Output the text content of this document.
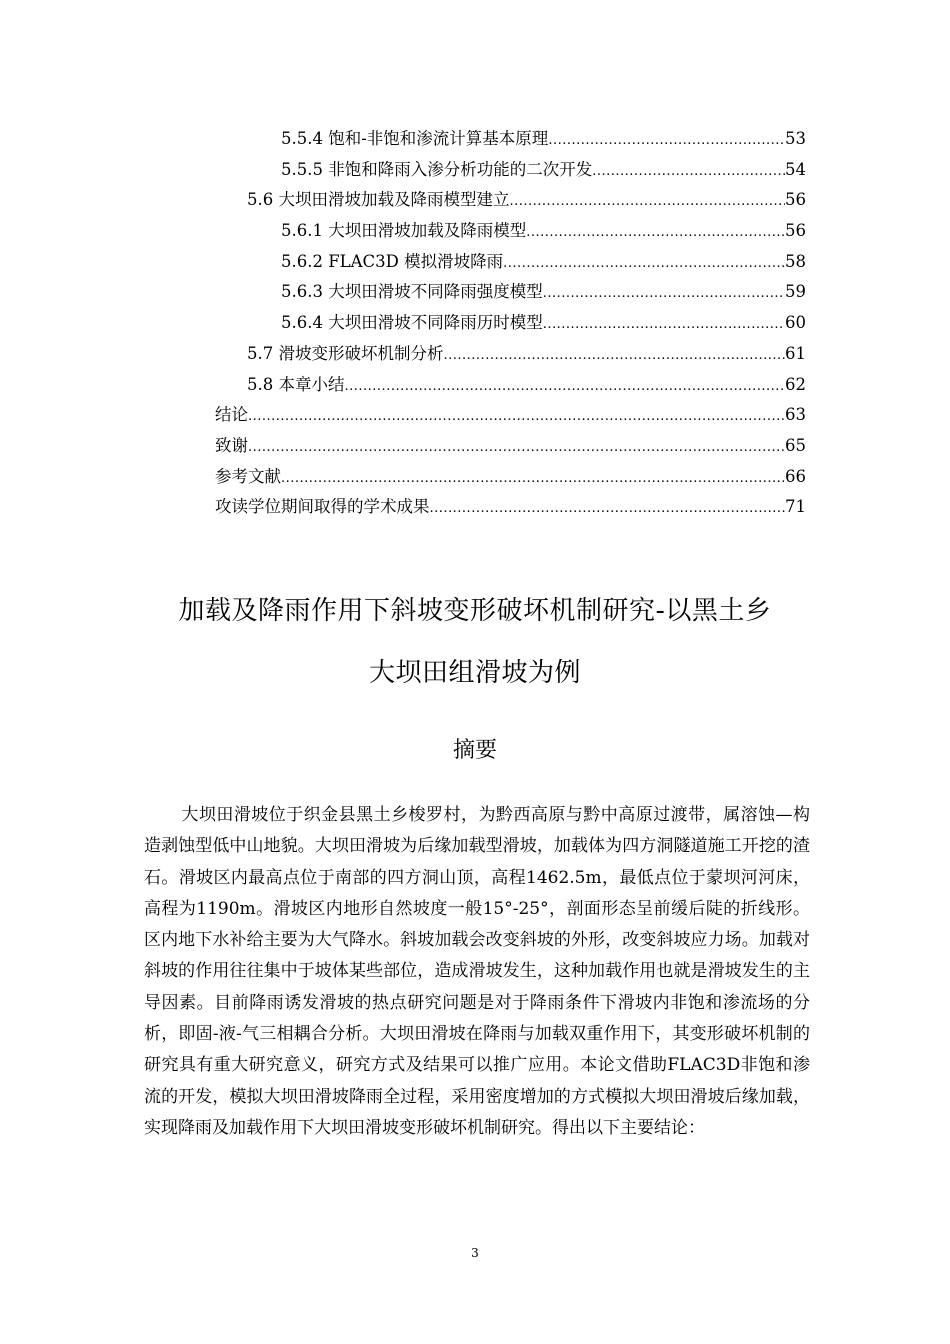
5.5.4 饱和-非饱和渗流计算基本原理 .....	53
5.5.5 非饱和降雨入渗分析功能的二次开发 .....	54
5.6 大坝田滑坡加载及降雨模型建立 .....	56
5.6.1 大坝田滑坡加载及降雨模型 .....	56
5.6.2 FLAC3D 模拟滑坡降雨 .....	58
5.6.3 大坝田滑坡不同降雨强度模型 .....	59
5.6.4 大坝田滑坡不同降雨历时模型 .....	60
5.7 滑坡变形破坏机制分析 .....	61
5.8 本章小结 .....	62
结论 .....	63
致谢 .....	65
参考文献 .....	66
攻读学位期间取得的学术成果 .....	71
加载及降雨作用下斜坡变形破坏机制研究-以黑土乡
大坝田组滑坡为例
摘要
大坝田滑坡位于织金县黑土乡梭罗村，为黔西高原与黔中高原过渡带，属溶蚀—构造剥蚀型低中山地貌。大坝田滑坡为后缘加载型滑坡，加载体为四方洞隧道施工开挖的渣石。滑坡区内最高点位于南部的四方洞山顶，高程1462.5m，最低点位于蒙坝河河床，高程为1190m。滑坡区内地形自然坡度一般15°-25°，剖面形态呈前缓后陡的折线形。区内地下水补给主要为大气降水。斜坡加载会改变斜坡的外形，改变斜坡应力场。加载对斜坡的作用往往集中于坡体某些部位，造成滑坡发生，这种加载作用也就是滑坡发生的主导因素。目前降雨诱发滑坡的热点研究问题是对于降雨条件下滑坡内非饱和渗流场的分析，即固-液-气三相耦合分析。大坝田滑坡在降雨与加载双重作用下，其变形破坏机制的研究具有重大研究意义，研究方式及结果可以推广应用。本论文借助FLAC3D非饱和渗流的开发，模拟大坝田滑坡降雨全过程，采用密度增加的方式模拟大坝田滑坡后缘加载，实现降雨及加载作用下大坝田滑坡变形破坏机制研究。得出以下主要结论：
3
